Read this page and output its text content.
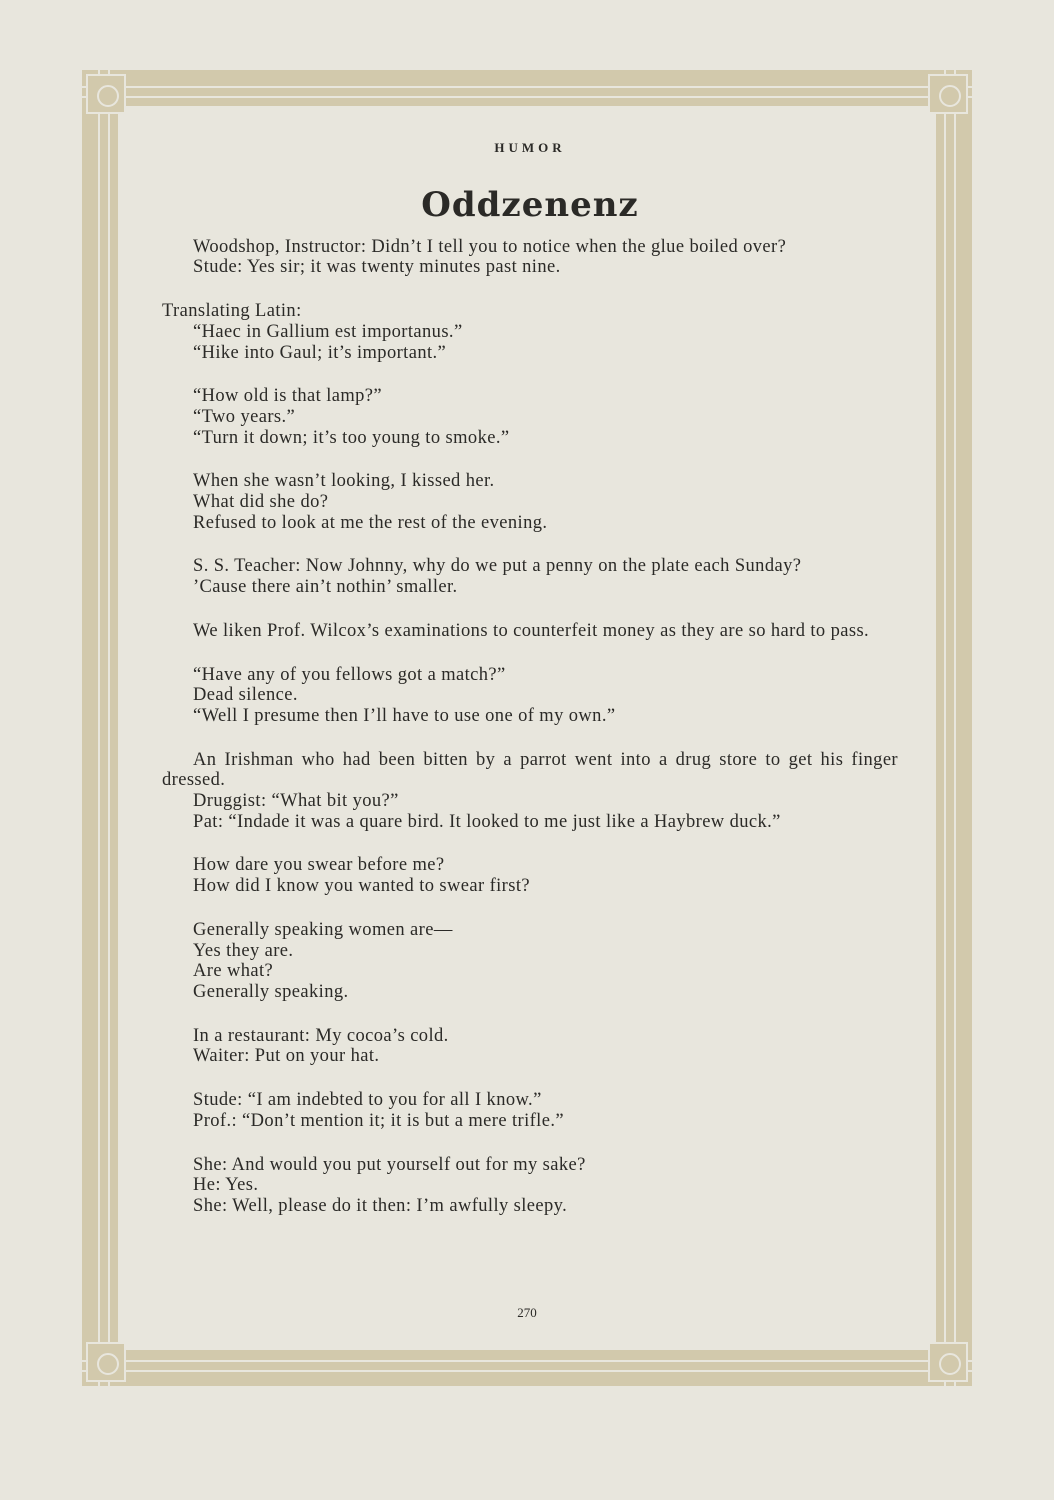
HUMOR
Oddzenenz
Woodshop, Instructor: Didn’t I tell you to notice when the glue boiled over?
Stude: Yes sir; it was twenty minutes past nine.
Translating Latin:
“Haec in Gallium est importanus.”
“Hike into Gaul; it’s important.”
“How old is that lamp?”
“Two years.”
“Turn it down; it’s too young to smoke.”
When she wasn’t looking, I kissed her.
What did she do?
Refused to look at me the rest of the evening.
S. S. Teacher: Now Johnny, why do we put a penny on the plate each Sunday?
’Cause there ain’t nothin’ smaller.
We liken Prof. Wilcox’s examinations to counterfeit money as they are so hard to pass.
“Have any of you fellows got a match?”
Dead silence.
“Well I presume then I’ll have to use one of my own.”
An Irishman who had been bitten by a parrot went into a drug store to get his finger dressed.
Druggist: “What bit you?”
Pat: “Indade it was a quare bird. It looked to me just like a Haybrew duck.”
How dare you swear before me?
How did I know you wanted to swear first?
Generally speaking women are—
Yes they are.
Are what?
Generally speaking.
In a restaurant: My cocoa’s cold.
Waiter: Put on your hat.
Stude: “I am indebted to you for all I know.”
Prof.: “Don’t mention it; it is but a mere trifle.”
She: And would you put yourself out for my sake?
He: Yes.
She: Well, please do it then: I’m awfully sleepy.
270
